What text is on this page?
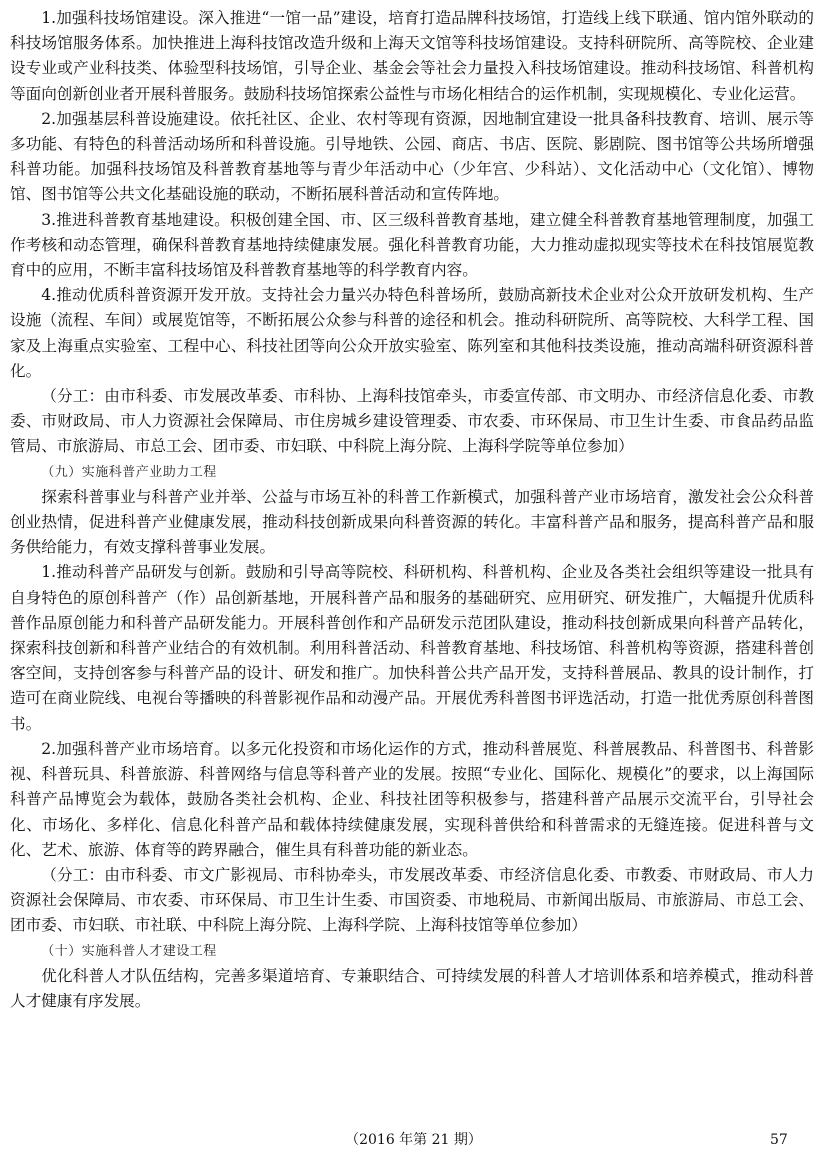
1.加强科技场馆建设。深入推进“一馆一品”建设，培育打造品牌科技场馆，打造线上线下联通、馆内馆外联动的科技场馆服务体系。加快推进上海科技馆改造升级和上海天文馆等科技场馆建设。支持科研院所、高等院校、企业建设专业或产业科技类、体验型科技场馆，引导企业、基金会等社会力量投入科技场馆建设。推动科技场馆、科普机构等面向创新创业者开展科普服务。鼓励科技场馆探索公益性与市场化相结合的运作机制，实现规模化、专业化运营。

2.加强基层科普设施建设。依托社区、企业、农村等现有资源，因地制宜建设一批具备科技教育、培训、展示等多功能、有特色的科普活动场所和科普设施。引导地铁、公园、商店、书店、医院、影剧院、图书馆等公共场所增强科普功能。加强科技场馆及科普教育基地等与青少年活动中心（少年宫、少科站）、文化活动中心（文化馆）、博物馆、图书馆等公共文化基础设施的联动，不断拓展科普活动和宣传阵地。

3.推进科普教育基地建设。积极创建全国、市、区三级科普教育基地，建立健全科普教育基地管理制度，加强工作考核和动态管理，确保科普教育基地持续健康发展。强化科普教育功能，大力推动虚拟现实等技术在科技馆展览教育中的应用，不断丰富科技场馆及科普教育基地等的科学教育内容。

4.推动优质科普资源开发开放。支持社会力量兴办特色科普场所，鼓励高新技术企业对公众开放研发机构、生产设施（流程、车间）或展览馆等，不断拓展公众参与科普的途径和机会。推动科研院所、高等院校、大科学工程、国家及上海重点实验室、工程中心、科技社团等向公众开放实验室、陈列室和其他科技类设施，推动高端科研资源科普化。

（分工：由市科委、市发展改革委、市科协、上海科技馆牵头，市委宣传部、市文明办、市经济信息化委、市教委、市财政局、市人力资源社会保障局、市住房城乡建设管理委、市农委、市环保局、市卫生计生委、市食品药品监管局、市旅游局、市总工会、团市委、市妇联、中科院上海分院、上海科学院等单位参加）

（九）实施科普产业助力工程

探索科普事业与科普产业并举、公益与市场互补的科普工作新模式，加强科普产业市场培育，激发社会公众科普创业热情，促进科普产业健康发展，推动科技创新成果向科普资源的转化。丰富科普产品和服务，提高科普产品和服务供给能力，有效支撑科普事业发展。

1.推动科普产品研发与创新。鼓励和引导高等院校、科研机构、科普机构、企业及各类社会组织等建设一批具有自身特色的原创科普产（作）品创新基地，开展科普产品和服务的基础研究、应用研究、研发推广，大幅提升优质科普作品原创能力和科普产品研发能力。开展科普创作和产品研发示范团队建设，推动科技创新成果向科普产品转化，探索科技创新和科普产业结合的有效机制。利用科普活动、科普教育基地、科技场馆、科普机构等资源，搭建科普创客空间，支持创客参与科普产品的设计、研发和推广。加快科普公共产品开发，支持科普展品、教具的设计制作，打造可在商业院线、电视台等播映的科普影视作品和动漫产品。开展优秀科普图书评选活动，打造一批优秀原创科普图书。

2.加强科普产业市场培育。以多元化投资和市场化运作的方式，推动科普展览、科普展教品、科普图书、科普影视、科普玩具、科普旅游、科普网络与信息等科普产业的发展。按照“专业化、国际化、规模化”的要求，以上海国际科普产品博览会为载体，鼓励各类社会机构、企业、科技社团等积极参与，搭建科普产品展示交流平台，引导社会化、市场化、多样化、信息化科普产品和载体持续健康发展，实现科普供给和科普需求的无缝连接。促进科普与文化、艺术、旅游、体育等的跨界融合，催生具有科普功能的新业态。

（分工：由市科委、市文广影视局、市科协牵头，市发展改革委、市经济信息化委、市教委、市财政局、市人力资源社会保障局、市农委、市环保局、市卫生计生委、市国资委、市地税局、市新闻出版局、市旅游局、市总工会、团市委、市妇联、市社联、中科院上海分院、上海科学院、上海科技馆等单位参加）

（十）实施科普人才建设工程

优化科普人才队伍结构，完善多渠道培育、专兼职结合、可持续发展的科普人才培训体系和培养模式，推动科普人才健康有序发展。

（2016 年第 21 期）	57
